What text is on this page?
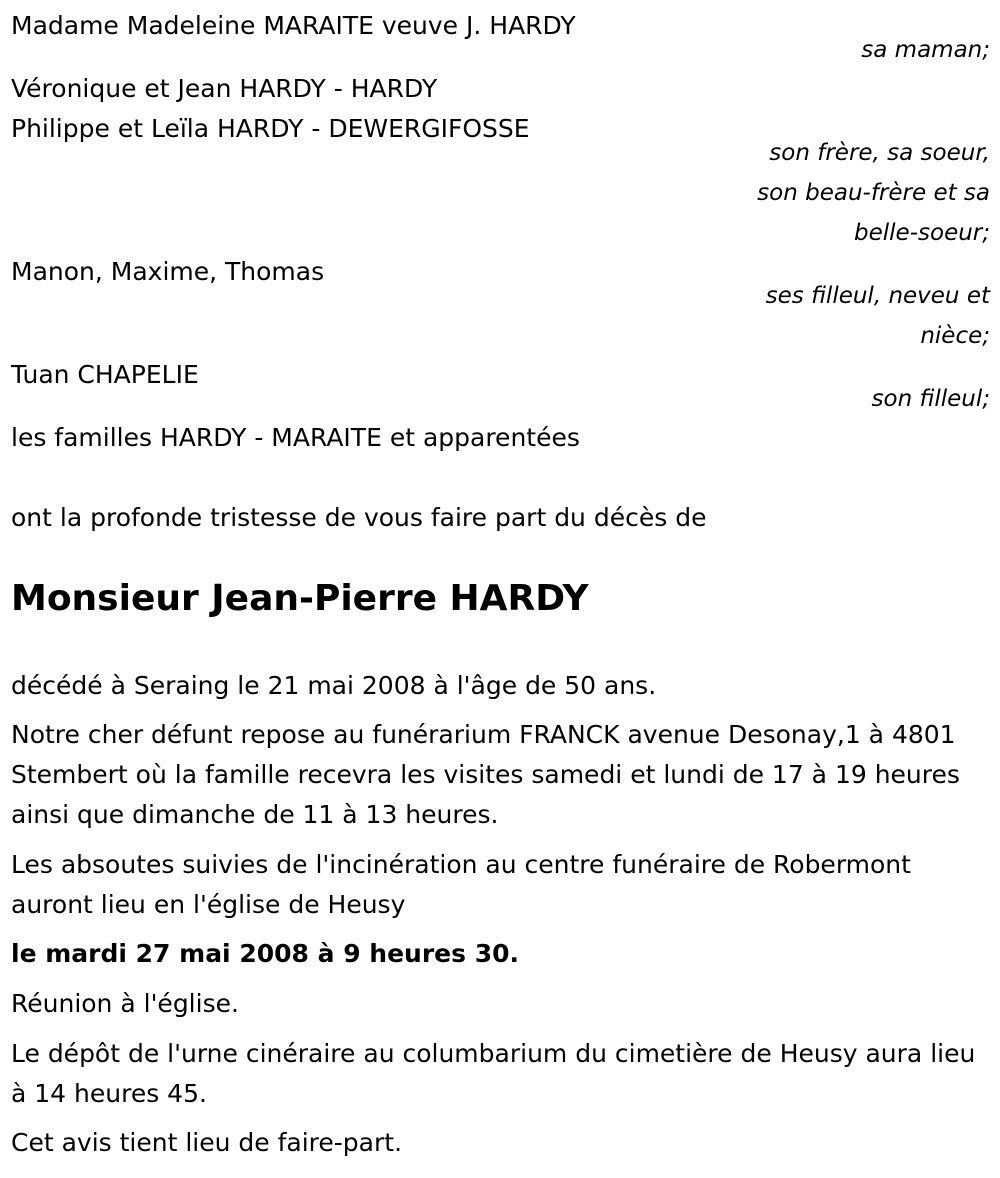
Madame Madeleine MARAITE veuve J. HARDY

sa maman;

Véronique et Jean HARDY - HARDY

Philippe et Leïla HARDY - DEWERGIFOSSE

son frère, sa soeur,

son beau-frère et sa

belle-soeur;

Manon, Maxime, Thomas

ses filleul, neveu et

nièce;

Tuan CHAPELIE

son filleul;

les familles HARDY - MARAITE et apparentées

ont la profonde tristesse de vous faire part du décès de

Monsieur Jean-Pierre HARDY

décédé à Seraing le 21 mai 2008 à l'âge de 50 ans.

Notre cher défunt repose au funérarium FRANCK avenue Desonay,1 à 4801 Stembert où la famille recevra les visites samedi et lundi de 17 à 19 heures ainsi que dimanche de 11 à 13 heures.

Les absoutes suivies de l'incinération au centre funéraire de Robermont auront lieu en l'église de Heusy

le mardi 27 mai 2008 à 9 heures 30.

Réunion à l'église.

Le dépôt de l'urne cinéraire au columbarium du cimetière de Heusy aura lieu à 14 heures 45.

Cet avis tient lieu de faire-part.
